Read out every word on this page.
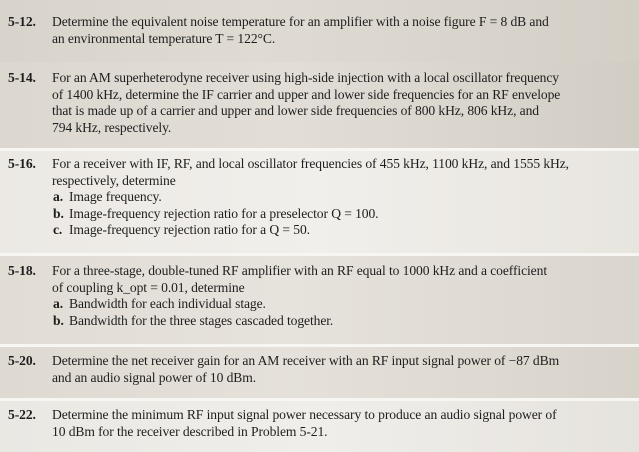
5-12.	Determine the equivalent noise temperature for an amplifier with a noise figure F = 8 dB and
an environmental temperature T = 122°C.
5-14.	For an AM superheterodyne receiver using high-side injection with a local oscillator frequency
of 1400 kHz, determine the IF carrier and upper and lower side frequencies for an RF envelope
that is made up of a carrier and upper and lower side frequencies of 800 kHz, 806 kHz, and
794 kHz, respectively.
5-16.	For a receiver with IF, RF, and local oscillator frequencies of 455 kHz, 1100 kHz, and 1555 kHz,
respectively, determine
a. Image frequency.
b. Image-frequency rejection ratio for a preselector Q = 100.
c. Image-frequency rejection ratio for a Q = 50.
5-18.	For a three-stage, double-tuned RF amplifier with an RF equal to 1000 kHz and a coefficient
of coupling k_opt = 0.01, determine
a. Bandwidth for each individual stage.
b. Bandwidth for the three stages cascaded together.
5-20.	Determine the net receiver gain for an AM receiver with an RF input signal power of −87 dBm
and an audio signal power of 10 dBm.
5-22.	Determine the minimum RF input signal power necessary to produce an audio signal power of
10 dBm for the receiver described in Problem 5-21.
